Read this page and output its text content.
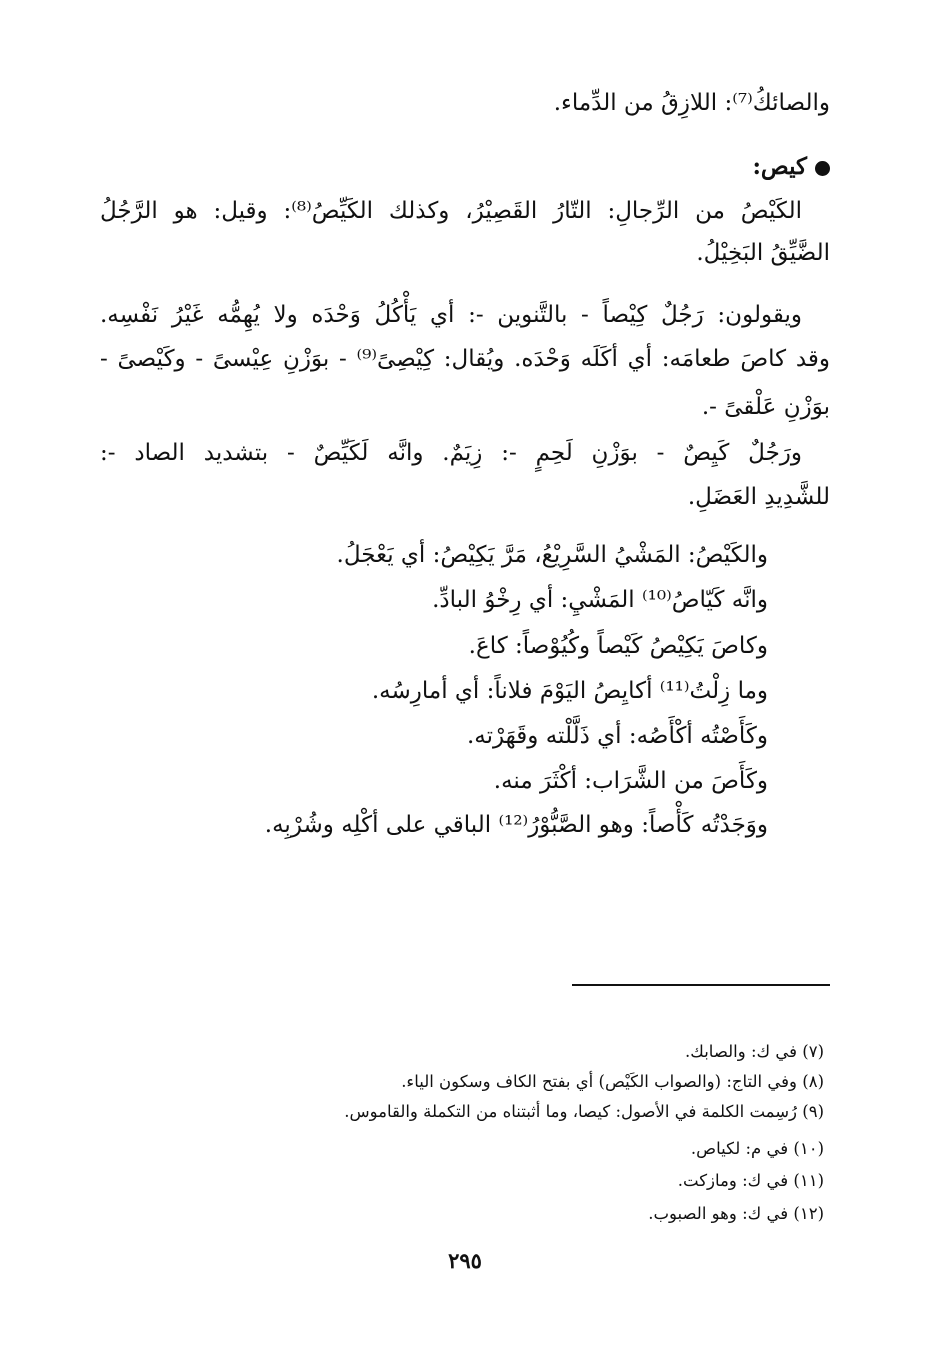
والصائكُ⁽⁷⁾: اللازِقُ من الدِّماء.
كيص:
الكَيْصُ من الرِّجالِ: التّارُ القَصِيْرُ، وكذلك الكَيِّصُ⁽⁸⁾: وقيل: هو الرَّجُلُ
الضَّيِّقُ البَخِيْلُ.
ويقولون: رَجُلٌ كِيْصاً - بالتَّنوين -: أي يَأْكُلُ وَحْدَه ولا يُهِمُّه غَيْرُ نَفْسِه.
وقد كاصَ طعامَه: أي أكَلَه وَحْدَه. ويُقال: كِيْصِىً⁽⁹⁾ - بوَزْنِ عِيْسىً - وكَيْصىً -
بوَزْنِ عَلْقىً -.
ورَجُلٌ كَيِصٌ - بوَزْنِ لَحِمٍ -: زِيَمٌ. وانَّه لَكَيِّصٌ - بتشديد الصاد -:
للشَّدِيدِ العَضَلِ.
والكَيْصُ: المَشْيُ السَّرِيْعُ، مَرَّ يَكِيْصُ: أي يَعْجَلُ.
وانَّه كَيّاصُ⁽¹⁰⁾ المَشْيِ: أي رِخْوُ البادِّ.
وكاصَ يَكِيْصُ كَيْصاً وكُيُوْصاً: كاعَ.
وما زِلْتُ⁽¹¹⁾ أكايِصُ اليَوْمَ فلاناً: أي أمارِسُه.
وكَأَصْتُه أكْأَصُه: أي ذَلَّلْته وقَهَرْته.
وكَأَصَ من الشَّرَاب: أكْثَرَ منه.
ووَجَدْتُه كَأْصاً: وهو الصَّبُّوْرُ⁽¹²⁾ الباقي على أكْلِه وشُرْبِه.
(٧) في ك: والصابك.
(٨) وفي التاج: (والصواب الكَيْص) أي بفتح الكاف وسكون الياء.
(٩) رُسِمت الكلمة في الأصول: كيصا، وما أثبتناه من التكملة والقاموس.
(١٠) في م: لكياص.
(١١) في ك: ومازكت.
(١٢) في ك: وهو الصبوب.
٢٩٥
